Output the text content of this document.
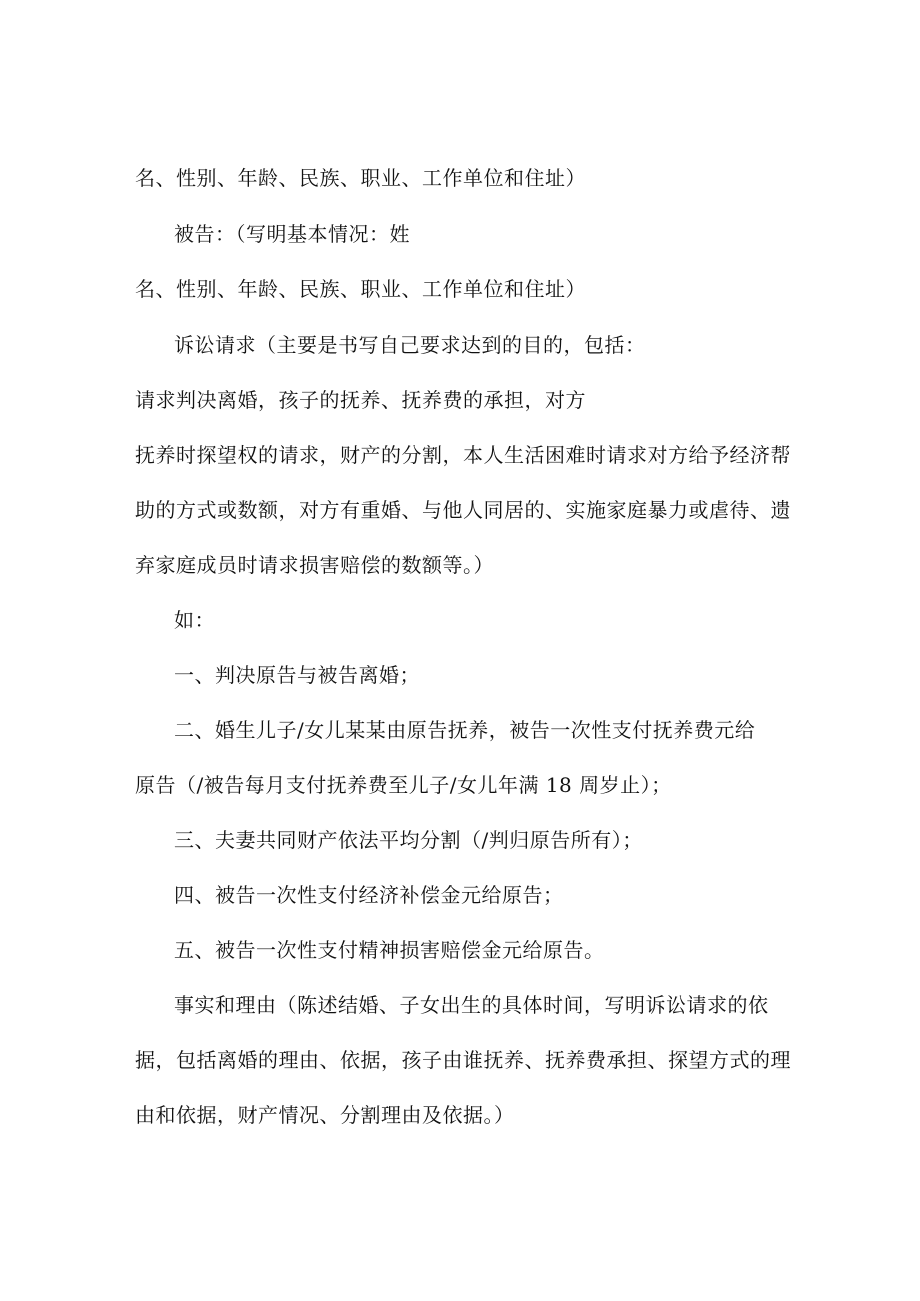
名、性别、年龄、民族、职业、工作单位和住址）
被告：（写明基本情况：姓
名、性别、年龄、民族、职业、工作单位和住址）
诉讼请求（主要是书写自己要求达到的目的，包括：
请求判决离婚，孩子的抚养、抚养费的承担，对方
抚养时探望权的请求，财产的分割，本人生活困难时请求对方给予经济帮
助的方式或数额，对方有重婚、与他人同居的、实施家庭暴力或虐待、遗
弃家庭成员时请求损害赔偿的数额等。）
如：
一、判决原告与被告离婚；
二、婚生儿子/女儿某某由原告抚养，被告一次性支付抚养费元给
原告（/被告每月支付抚养费至儿子/女儿年满 18 周岁止）；
三、夫妻共同财产依法平均分割（/判归原告所有）；
四、被告一次性支付经济补偿金元给原告；
五、被告一次性支付精神损害赔偿金元给原告。
事实和理由（陈述结婚、子女出生的具体时间，写明诉讼请求的依
据，包括离婚的理由、依据，孩子由谁抚养、抚养费承担、探望方式的理
由和依据，财产情况、分割理由及依据。）
